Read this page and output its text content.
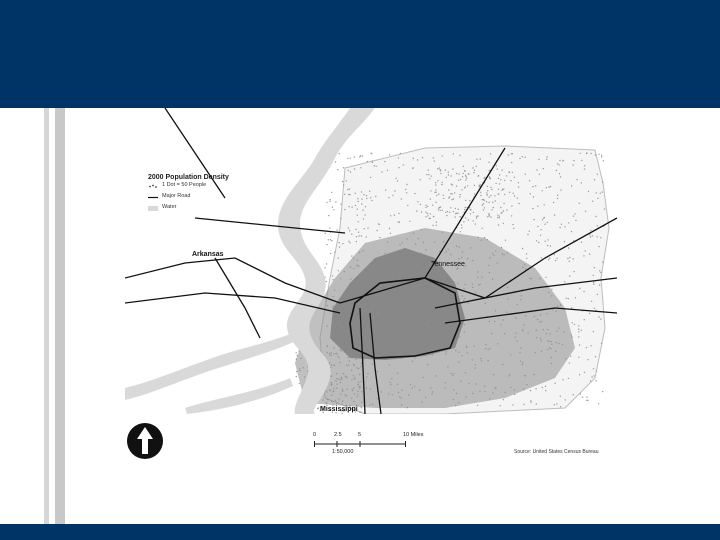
2000 Population Density
1 Dot = 50 People
Major Road
Water
Arkansas
Tennessee
Mississippi
0	2.5	5	10 Miles
1:50,000	Source: United States Census Bureau
